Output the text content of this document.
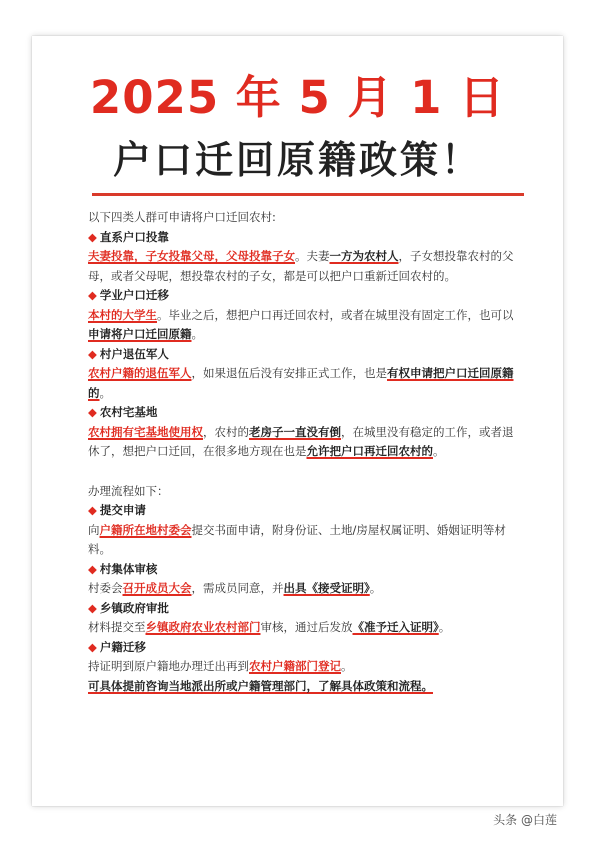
2025 年 5 月 1 日
户口迁回原籍政策！

以下四类人群可申请将户口迁回农村:

◆ 直系户口投靠

夫妻投靠，子女投靠父母，父母投靠子女。夫妻一方为农村人，子女想投靠农村的父母，或者父母呢，想投靠农村的子女，都是可以把户口重新迁回农村的。

◆ 学业户口迁移

本村的大学生。毕业之后，想把户口再迁回农村，或者在城里没有固定工作，也可以申请将户口迁回原籍。

◆ 村户退伍军人

农村户籍的退伍军人，如果退伍后没有安排正式工作，也是有权申请把户口迁回原籍的。

◆ 农村宅基地

农村拥有宅基地使用权，农村的老房子一直没有倒，在城里没有稳定的工作，或者退休了，想把户口迁回，在很多地方现在也是允许把户口再迁回农村的。

办理流程如下：

◆ 提交申请

向户籍所在地村委会提交书面申请，附身份证、土地/房屋权属证明、婚姻证明等材料。

◆ 村集体审核

村委会召开成员大会，需成员同意，并出具《接受证明》。

◆ 乡镇政府审批

材料提交至乡镇政府农业农村部门审核，通过后发放《准予迁入证明》。

◆ 户籍迁移

持证明到原户籍地办理迁出再到农村户籍部门登记。

可具体提前咨询当地派出所或户籍管理部门，了解具体政策和流程。

头条 @白莲
